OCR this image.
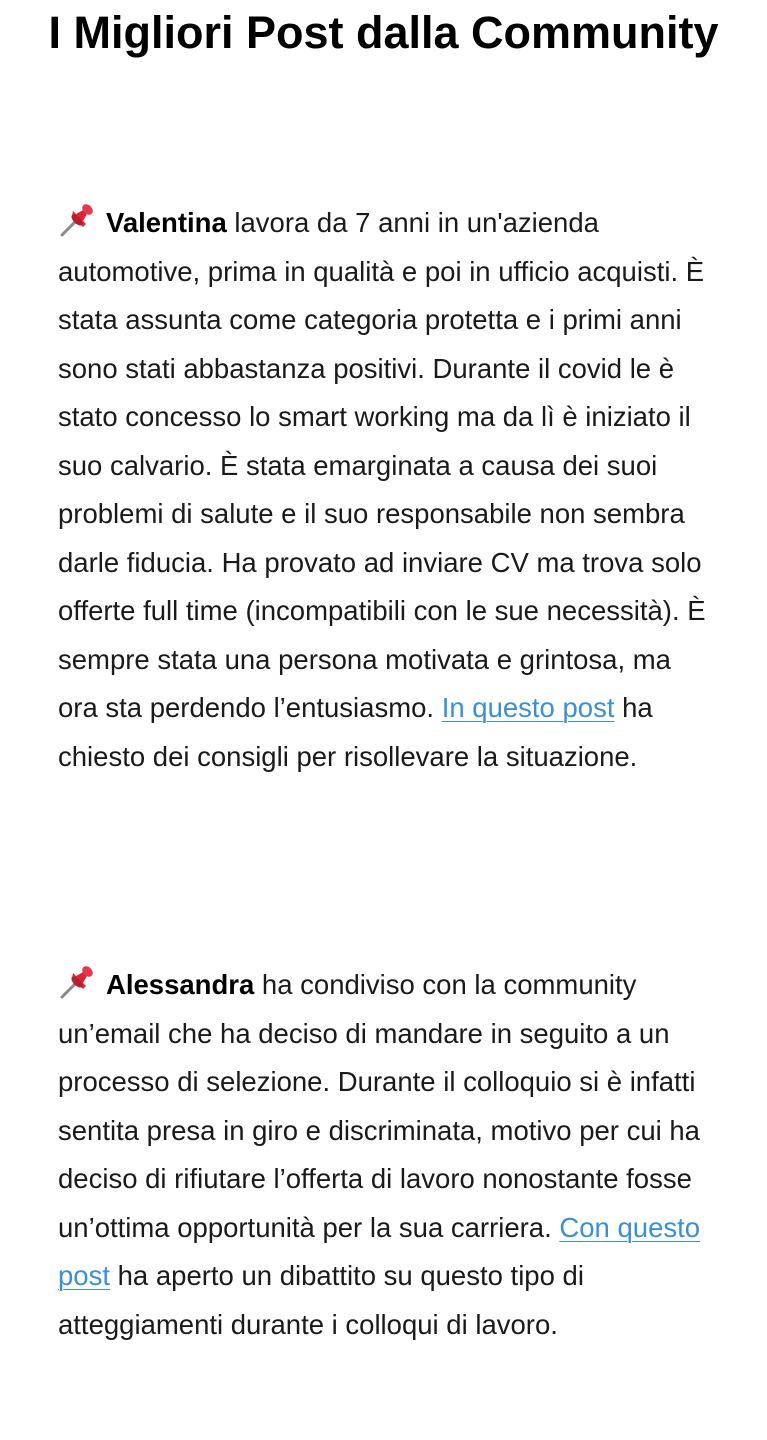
I Migliori Post dalla Community

Valentina lavora da 7 anni in un'azienda automotive, prima in qualità e poi in ufficio acquisti. È stata assunta come categoria protetta e i primi anni sono stati abbastanza positivi. Durante il covid le è stato concesso lo smart working ma da lì è iniziato il suo calvario. È stata emarginata a causa dei suoi problemi di salute e il suo responsabile non sembra darle fiducia. Ha provato ad inviare CV ma trova solo offerte full time (incompatibili con le sue necessità). È sempre stata una persona motivata e grintosa, ma ora sta perdendo l’entusiasmo. In questo post ha chiesto dei consigli per risollevare la situazione.

Alessandra ha condiviso con la community un’email che ha deciso di mandare in seguito a un processo di selezione. Durante il colloquio si è infatti sentita presa in giro e discriminata, motivo per cui ha deciso di rifiutare l’offerta di lavoro nonostante fosse un’ottima opportunità per la sua carriera. Con questo post ha aperto un dibattito su questo tipo di atteggiamenti durante i colloqui di lavoro.
